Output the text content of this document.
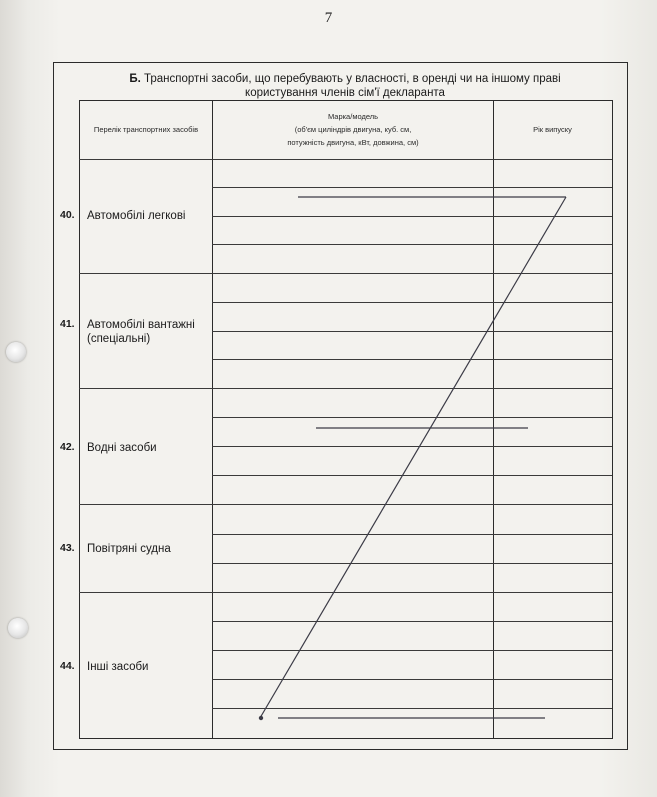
7
Б. Транспортні засоби, що перебувають у власності, в оренді чи на іншому праві
користування членів сім'ї декларанта
Перелік транспортних засобів
Марка/модель
(об'єм циліндрів двигуна, куб. см,
потужність двигуна, кВт, довжина, см)
Рік випуску
40. Автомобілі легкові
41. Автомобілі вантажні
(спеціальні)
42. Водні засоби
43. Повітряні судна
44. Інші засоби
